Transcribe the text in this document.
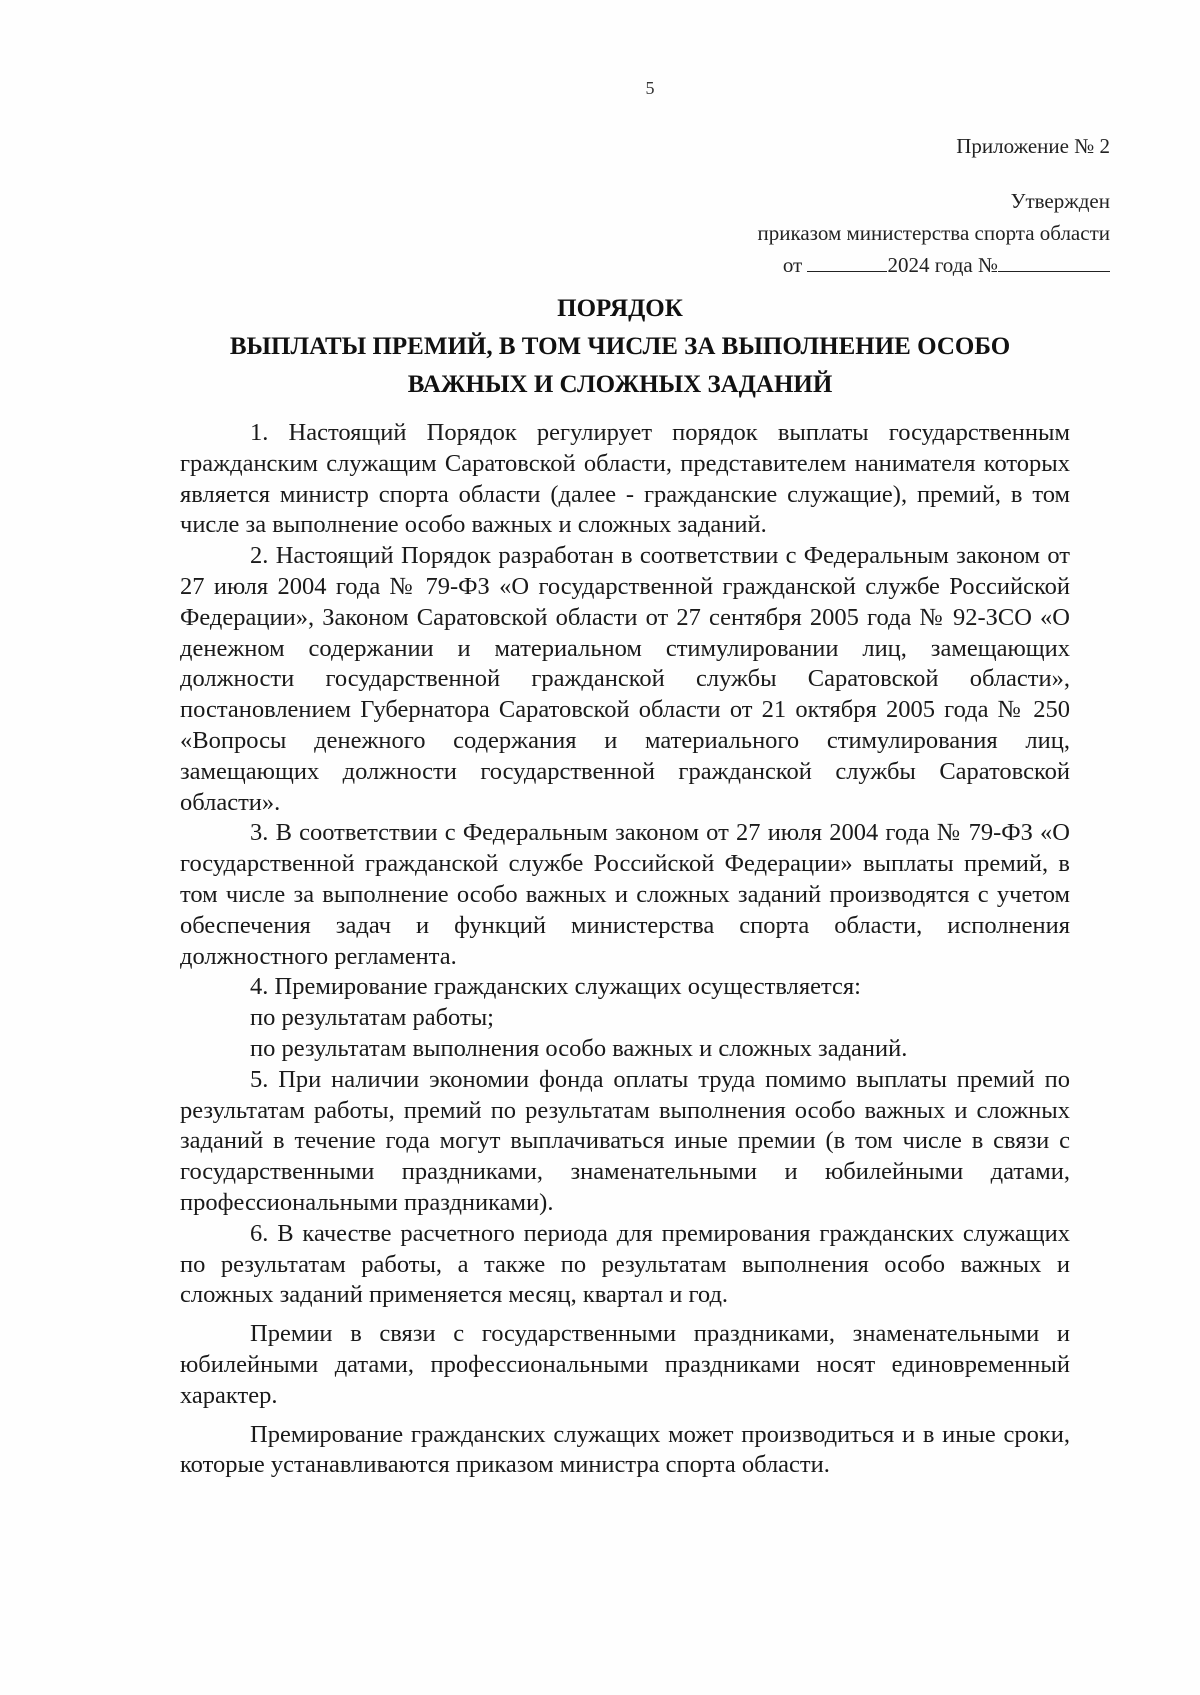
5
Приложение № 2
Утвержден
приказом министерства спорта области
от	2024 года №
ПОРЯДОК
ВЫПЛАТЫ ПРЕМИЙ, В ТОМ ЧИСЛЕ ЗА ВЫПОЛНЕНИЕ ОСОБО
ВАЖНЫХ И СЛОЖНЫХ ЗАДАНИЙ

1. Настоящий Порядок регулирует порядок выплаты государственным гражданским служащим Саратовской области, представителем нанимателя которых является министр спорта области (далее - гражданские служащие), премий, в том числе за выполнение особо важных и сложных заданий.

2. Настоящий Порядок разработан в соответствии с Федеральным законом от 27 июля 2004 года № 79-ФЗ «О государственной гражданской службе Российской Федерации», Законом Саратовской области от 27 сентября 2005 года № 92-ЗСО «О денежном содержании и материальном стимулировании лиц, замещающих должности государственной гражданской службы Саратовской области», постановлением Губернатора Саратовской области от 21 октября 2005 года № 250 «Вопросы денежного содержания и материального стимулирования лиц, замещающих должности государственной гражданской службы Саратовской области».

3. В соответствии с Федеральным законом от 27 июля 2004 года № 79-ФЗ «О государственной гражданской службе Российской Федерации» выплаты премий, в том числе за выполнение особо важных и сложных заданий производятся с учетом обеспечения задач и функций министерства спорта области, исполнения должностного регламента.

4. Премирование гражданских служащих осуществляется:

по результатам работы;

по результатам выполнения особо важных и сложных заданий.

5. При наличии экономии фонда оплаты труда помимо выплаты премий по результатам работы, премий по результатам выполнения особо важных и сложных заданий в течение года могут выплачиваться иные премии (в том числе в связи с государственными праздниками, знаменательными и юбилейными датами, профессиональными праздниками).

6. В качестве расчетного периода для премирования гражданских служащих по результатам работы, а также по результатам выполнения особо важных и сложных заданий применяется месяц, квартал и год.

Премии в связи с государственными праздниками, знаменательными и юбилейными датами, профессиональными праздниками носят единовременный характер.

Премирование гражданских служащих может производиться и в иные сроки, которые устанавливаются приказом министра спорта области.
